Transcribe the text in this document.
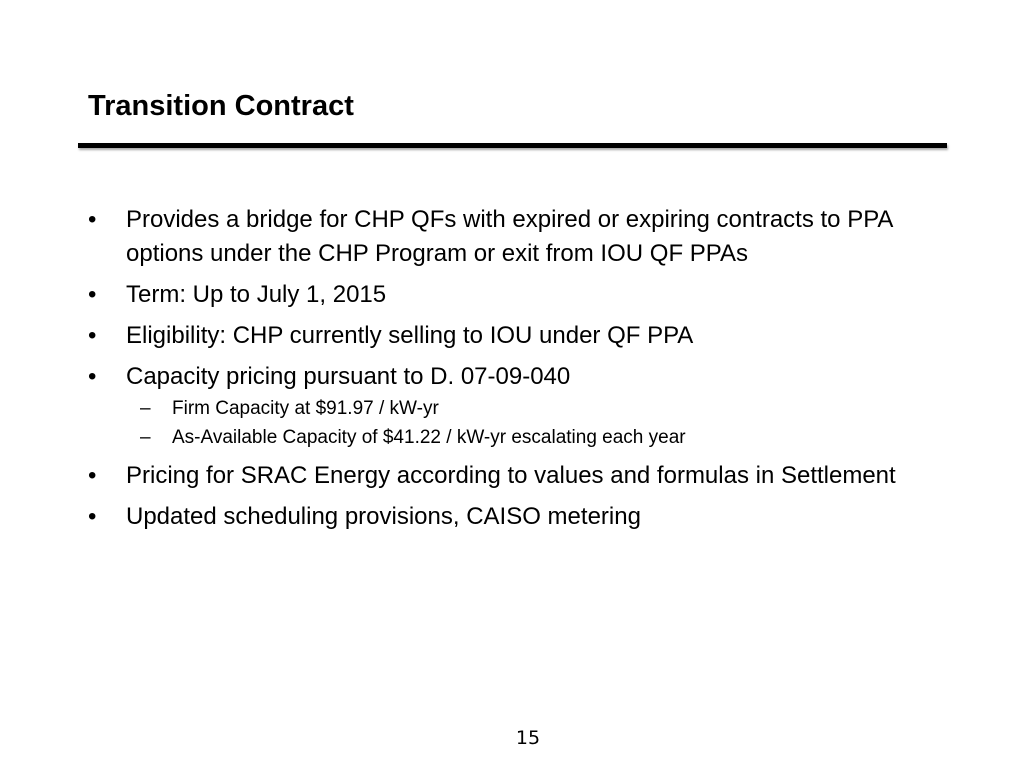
Transition Contract
•	Provides a bridge for CHP QFs with expired or expiring contracts to PPA options under the CHP Program or exit from IOU QF PPAs
•	Term: Up to July 1, 2015
•	Eligibility: CHP currently selling to IOU under QF PPA
•	Capacity pricing pursuant to D. 07-09-040
– Firm Capacity at $91.97 / kW-yr
– As-Available Capacity of $41.22 / kW-yr escalating each year
•	Pricing for SRAC Energy according to values and formulas in Settlement
•	Updated scheduling provisions, CAISO metering
15
